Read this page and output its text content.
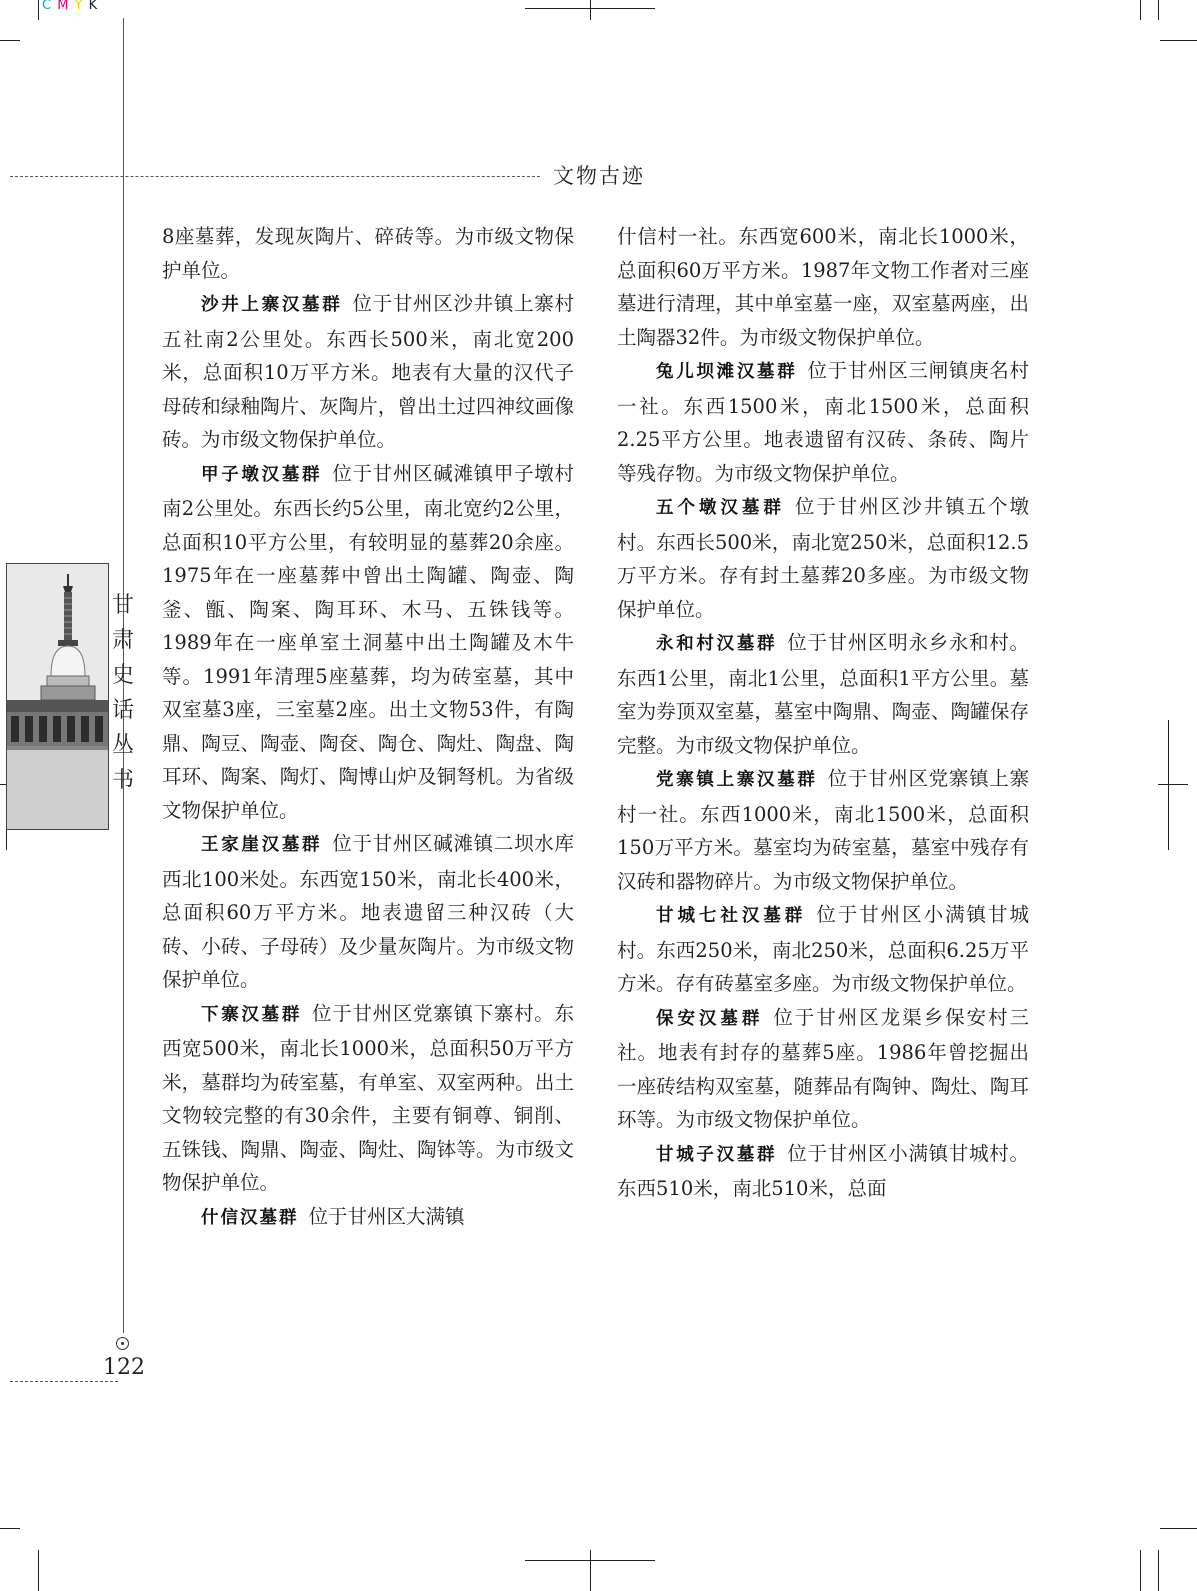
C M Y K
文物古迹
甘
肃
史
话
丛
书

8座墓葬，发现灰陶片、碎砖等。为市级文物保护单位。

沙井上寨汉墓群 位于甘州区沙井镇上寨村五社南2公里处。东西长500米，南北宽200米，总面积10万平方米。地表有大量的汉代子母砖和绿釉陶片、灰陶片，曾出土过四神纹画像砖。为市级文物保护单位。

甲子墩汉墓群 位于甘州区碱滩镇甲子墩村南2公里处。东西长约5公里，南北宽约2公里，总面积10平方公里，有较明显的墓葬20余座。1975年在一座墓葬中曾出土陶罐、陶壶、陶釜、甑、陶案、陶耳环、木马、五铢钱等。1989年在一座单室土洞墓中出土陶罐及木牛等。1991年清理5座墓葬，均为砖室墓，其中双室墓3座，三室墓2座。出土文物53件，有陶鼎、陶豆、陶壶、陶奁、陶仓、陶灶、陶盘、陶耳环、陶案、陶灯、陶博山炉及铜弩机。为省级文物保护单位。

王家崖汉墓群 位于甘州区碱滩镇二坝水库西北100米处。东西宽150米，南北长400米，总面积60万平方米。地表遗留三种汉砖（大砖、小砖、子母砖）及少量灰陶片。为市级文物保护单位。

下寨汉墓群 位于甘州区党寨镇下寨村。东西宽500米，南北长1000米，总面积50万平方米，墓群均为砖室墓，有单室、双室两种。出土文物较完整的有30余件，主要有铜尊、铜削、五铢钱、陶鼎、陶壶、陶灶、陶钵等。为市级文物保护单位。

什信汉墓群 位于甘州区大满镇

什信村一社。东西宽600米，南北长1000米，总面积60万平方米。1987年文物工作者对三座墓进行清理，其中单室墓一座，双室墓两座，出土陶器32件。为市级文物保护单位。

兔儿坝滩汉墓群 位于甘州区三闸镇庚名村一社。东西1500米，南北1500米，总面积2.25平方公里。地表遗留有汉砖、条砖、陶片等残存物。为市级文物保护单位。

五个墩汉墓群 位于甘州区沙井镇五个墩村。东西长500米，南北宽250米，总面积12.5万平方米。存有封土墓葬20多座。为市级文物保护单位。

永和村汉墓群 位于甘州区明永乡永和村。东西1公里，南北1公里，总面积1平方公里。墓室为券顶双室墓，墓室中陶鼎、陶壶、陶罐保存完整。为市级文物保护单位。

党寨镇上寨汉墓群 位于甘州区党寨镇上寨村一社。东西1000米，南北1500米，总面积150万平方米。墓室均为砖室墓，墓室中残存有汉砖和器物碎片。为市级文物保护单位。

甘城七社汉墓群 位于甘州区小满镇甘城村。东西250米，南北250米，总面积6.25万平方米。存有砖墓室多座。为市级文物保护单位。

保安汉墓群 位于甘州区龙渠乡保安村三社。地表有封存的墓葬5座。1986年曾挖掘出一座砖结构双室墓，随葬品有陶钟、陶灶、陶耳环等。为市级文物保护单位。

甘城子汉墓群 位于甘州区小满镇甘城村。东西510米，南北510米，总面

122
